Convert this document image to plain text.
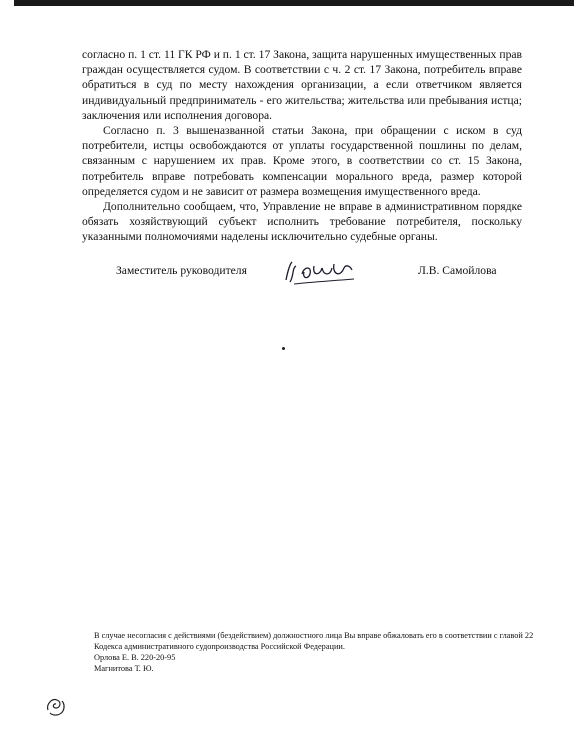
согласно п. 1 ст. 11 ГК РФ и п. 1 ст. 17 Закона, защита нарушенных имущественных прав граждан осуществляется судом. В соответствии с ч. 2 ст. 17 Закона, потребитель вправе обратиться в суд по месту нахождения организации, а если ответчиком является индивидуальный предприниматель - его жительства; жительства или пребывания истца; заключения или исполнения договора.

Согласно п. 3 вышеназванной статьи Закона, при обращении с иском в суд потребители, истцы освобождаются от уплаты государственной пошлины по делам, связанным с нарушением их прав. Кроме этого, в соответствии со ст. 15 Закона, потребитель вправе потребовать компенсации морального вреда, размер которой определяется судом и не зависит от размера возмещения имущественного вреда.

Дополнительно сообщаем, что, Управление не вправе в административном порядке обязать хозяйствующий субъект исполнить требование потребителя, поскольку указанными полномочиями наделены исключительно судебные органы.

Заместитель руководителя	Л.В. Самойлова

В случае несогласия с действиями (бездействием) должностного лица Вы вправе обжаловать его в соответствии с главой 22 Кодекса административного судопроизводства Российской Федерации.

Орлова Е. В. 220-20-95

Магнитова Т. Ю.
